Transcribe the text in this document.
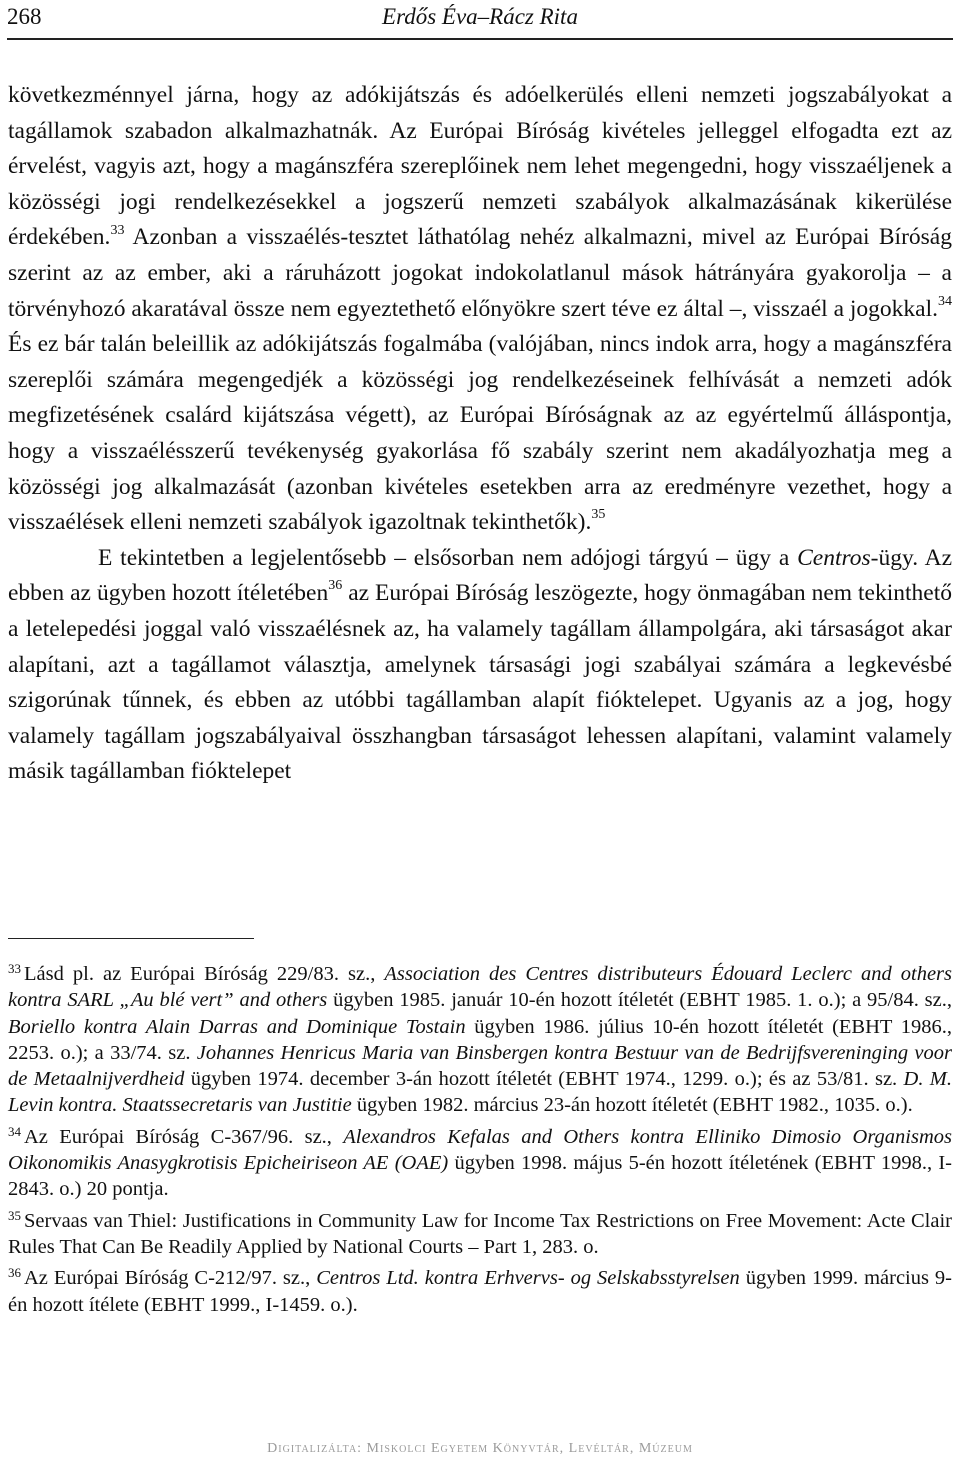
268	Erdős Éva–Rácz Rita

következménnyel járna, hogy az adókijátszás és adóelkerülés elleni nemzeti jogszabályokat a tagállamok szabadon alkalmazhatnák. Az Európai Bíróság kivételes jelleggel elfogadta ezt az érvelést, vagyis azt, hogy a magánszféra szereplőinek nem lehet megengedni, hogy visszaéljenek a közösségi jogi rendelkezésekkel a jogszerű nemzeti szabályok alkalmazásának kikerülése érdekében.$^{33}$ Azonban a visszaélés-tesztet láthatólag nehéz alkalmazni, mivel az Európai Bíróság szerint az az ember, aki a ráruházott jogokat indokolatlanul mások hátrányára gyakorolja – a törvényhozó akaratával össze nem egyeztethető előnyökre szert téve ez által –, visszaél a jogokkal.$^{34}$ És ez bár talán beleillik az adókijátszás fogalmába (valójában, nincs indok arra, hogy a magánszféra szereplői számára megengedjék a közösségi jog rendelkezéseinek felhívását a nemzeti adók megfizetésének csalárd kijátszása végett), az Európai Bíróságnak az az egyértelmű álláspontja, hogy a visszaélésszerű tevékenység gyakorlása fő szabály szerint nem akadályozhatja meg a közösségi jog alkalmazását (azonban kivételes esetekben arra az eredményre vezethet, hogy a visszaélések elleni nemzeti szabályok igazoltnak tekinthetők).$^{35}$

E tekintetben a legjelentősebb – elsősorban nem adójogi tárgyú – ügy a Centros-ügy. Az ebben az ügyben hozott ítéletében$^{36}$ az Európai Bíróság leszögezte, hogy önmagában nem tekinthető a letelepedési joggal való visszaélésnek az, ha valamely tagállam állampolgára, aki társaságot akar alapítani, azt a tagállamot választja, amelynek társasági jogi szabályai számára a legkevésbé szigorúnak tűnnek, és ebben az utóbbi tagállamban alapít fióktelepet. Ugyanis az a jog, hogy valamely tagállam jogszabályaival összhangban társaságot lehessen alapítani, valamint valamely másik tagállamban fióktelepet

$^{33}$ Lásd pl. az Európai Bíróság 229/83. sz., Association des Centres distributeurs Édouard Leclerc and others kontra SARL „Au blé vert” and others ügyben 1985. január 10-én hozott ítéletét (EBHT 1985. 1. o.); a 95/84. sz., Boriello kontra Alain Darras and Dominique Tostain ügyben 1986. július 10-én hozott ítéletét (EBHT 1986., 2253. o.); a 33/74. sz. Johannes Henricus Maria van Binsbergen kontra Bestuur van de Bedrijfsvereninging voor de Metaalnijverdheid ügyben 1974. december 3-án hozott ítéletét (EBHT 1974., 1299. o.); és az 53/81. sz. D. M. Levin kontra. Staatssecretaris van Justitie ügyben 1982. március 23-án hozott ítéletét (EBHT 1982., 1035. o.).

$^{34}$ Az Európai Bíróság C-367/96. sz., Alexandros Kefalas and Others kontra Elliniko Dimosio Organismos Oikonomikis Anasygkrotisis Epicheiriseon AE (OAE) ügyben 1998. május 5-én hozott ítéletének (EBHT 1998., I-2843. o.) 20 pontja.

$^{35}$ Servaas van Thiel: Justifications in Community Law for Income Tax Restrictions on Free Movement: Acte Clair Rules That Can Be Readily Applied by National Courts – Part 1, 283. o.

$^{36}$ Az Európai Bíróság C-212/97. sz., Centros Ltd. kontra Erhvervs- og Selskabsstyrelsen ügyben 1999. március 9-én hozott ítélete (EBHT 1999., I-1459. o.).

Digitalizálta: Miskolci Egyetem Könyvtár, Levéltár, Múzeum
